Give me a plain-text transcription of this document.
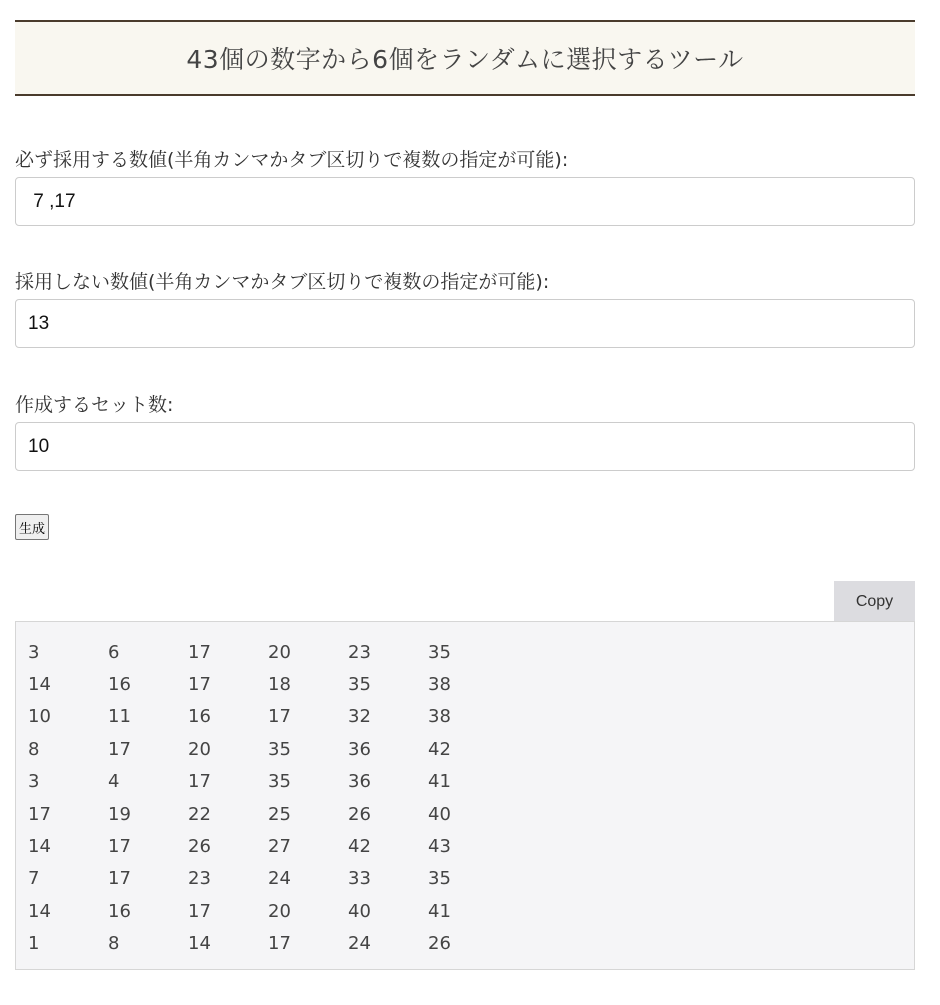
43個の数字から6個をランダムに選択するツール

必ず採用する数値(半角カンマかタブ区切りで複数の指定が可能):

7 ,17

採用しない数値(半角カンマかタブ区切りで複数の指定が可能):

13

作成するセット数:

10
生成
Copy
3	6	17	20	23	35
14	16	17	18	35	38
10	11	16	17	32	38
8	17	20	35	36	42
3	4	17	35	36	41
17	19	22	25	26	40
14	17	26	27	42	43
7	17	23	24	33	35
14	16	17	20	40	41
1	8	14	17	24	26
